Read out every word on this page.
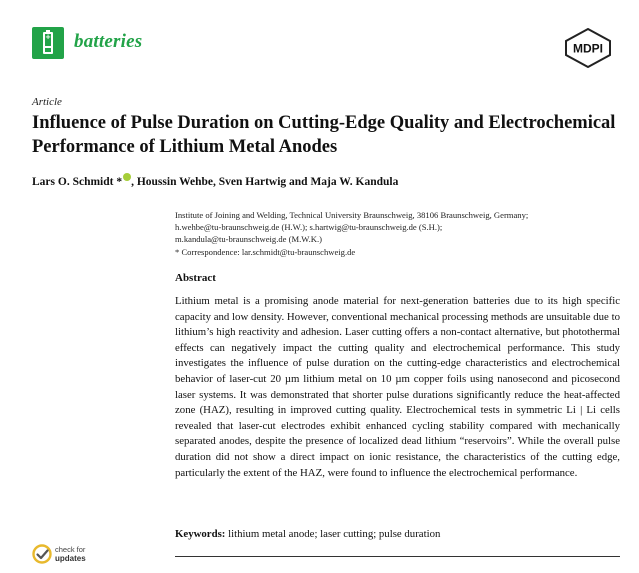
+ batteries	MDPI
Article
Influence of Pulse Duration on Cutting-Edge Quality and Electrochemical Performance of Lithium Metal Anodes
Lars O. Schmidt * , Houssin Wehbe, Sven Hartwig and Maja W. Kandula
Institute of Joining and Welding, Technical University Braunschweig, 38106 Braunschweig, Germany;
h.wehbe@tu-braunschweig.de (H.W.); s.hartwig@tu-braunschweig.de (S.H.);
m.kandula@tu-braunschweig.de (M.W.K.)
* Correspondence: lar.schmidt@tu-braunschweig.de
Abstract
Lithium metal is a promising anode material for next-generation batteries due to its high specific capacity and low density. However, conventional mechanical processing methods are unsuitable due to lithium’s high reactivity and adhesion. Laser cutting offers a non-contact alternative, but photothermal effects can negatively impact the cutting quality and electrochemical performance. This study investigates the influence of pulse duration on the cutting-edge characteristics and electrochemical behavior of laser-cut 20 µm lithium metal on 10 µm copper foils using nanosecond and picosecond laser systems. It was demonstrated that shorter pulse durations significantly reduce the heat-affected zone (HAZ), resulting in improved cutting quality. Electrochemical tests in symmetric Li | Li cells revealed that laser-cut electrodes exhibit enhanced cycling stability compared with mechanically separated anodes, despite the presence of localized dead lithium “reservoirs”. While the overall pulse duration did not show a direct impact on ionic resistance, the characteristics of the cutting edge, particularly the extent of the HAZ, were found to influence the electrochemical performance.
Keywords: lithium metal anode; laser cutting; pulse duration
check for
updates
